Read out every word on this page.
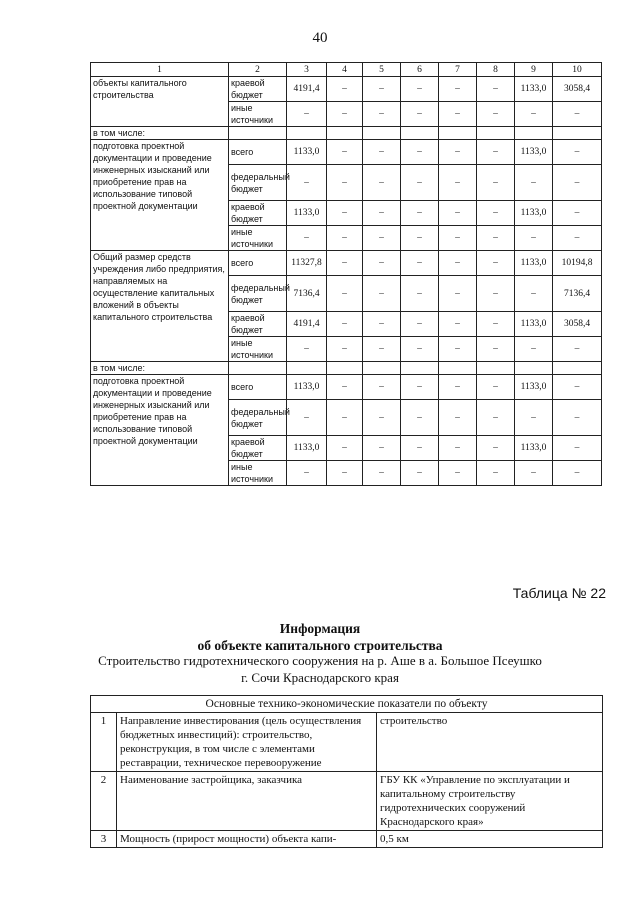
40
1	2	3	4	5	6	7	8	9	10
объекты капитального строительства	краевой бюджет	4191,4	–	–	–	–	–	1133,0	3058,4
	иные источники	–	–	–	–	–	–	–	–
в том числе:									
подготовка проектной документации и проведение инженерных изысканий или приобретение прав на использование типовой проектной документации	всего	1133,0	–	–	–	–	–	1133,0	–
	федеральный бюджет	–	–	–	–	–	–	–	–
	краевой бюджет	1133,0	–	–	–	–	–	1133,0	–
	иные источники	–	–	–	–	–	–	–	–
Общий размер средств учреждения либо предприятия, направляемых на осуществление капитальных вложений в объекты капитального строительства	всего	11327,8	–	–	–	–	–	1133,0	10194,8
	федеральный бюджет	7136,4	–	–	–	–	–	–	7136,4
	краевой бюджет	4191,4	–	–	–	–	–	1133,0	3058,4
	иные источники	–	–	–	–	–	–	–	–
в том числе:									
подготовка проектной документации и проведение инженерных изысканий или приобретение прав на использование типовой проектной документации	всего	1133,0	–	–	–	–	–	1133,0	–
	федеральный бюджет	–	–	–	–	–	–	–	–
	краевой бюджет	1133,0	–	–	–	–	–	1133,0	–
	иные источники	–	–	–	–	–	–	–	–
Таблица № 22
Информация
об объекте капитального строительства
Строительство гидротехнического сооружения на р. Аше в а. Большое Псеушко
г. Сочи Краснодарского края
Основные технико-экономические показатели по объекту		
1	Направление инвестирования (цель осуществления бюджетных инвестиций): строительство, реконструкция, в том числе с элементами реставрации, техническое перевооружение	строительство
2	Наименование застройщика, заказчика	ГБУ КК «Управление по эксплуатации и капитальному строительству гидротехнических сооружений Краснодарского края»
3	Мощность (прирост мощности) объекта капи-	0,5 км
